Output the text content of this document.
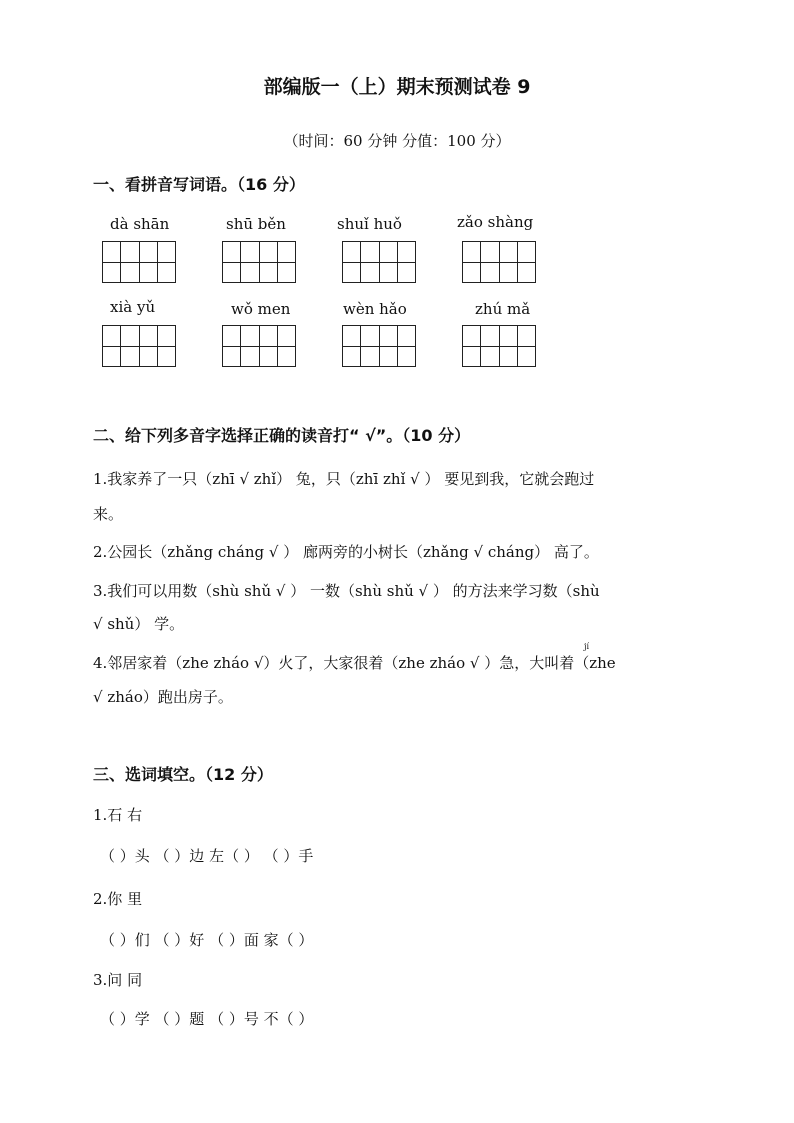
部编版一（上）期末预测试卷 9
（时间：60 分钟 分值：100 分）
一、看拼音写词语。（16 分）
dà shān	shū běn	shuǐ huǒ	zǎo shàng
xià yǔ	wǒ men	wèn hǎo	zhú mǎ
二、给下列多音字选择正确的读音打“ √”。（10 分）
1.我家养了一只（zhī √ zhǐ） 兔，只（zhī zhǐ √ ） 要见到我，它就会跑过
来。
2.公园长（zhǎng cháng √ ） 廊两旁的小树长（zhǎng √ cháng） 高了。
3.我们可以用数（shù shǔ √ ） 一数（shù shǔ √ ） 的方法来学习数（shù
√ shǔ） 学。
jí
4.邻居家着（zhe zháo √）火了，大家很着（zhe zháo √ ）急，大叫着（zhe
√ zháo）跑出房子。
三、选词填空。（12 分）
1.石 右
（ ）头 （ ）边 左（ ） （ ）手
2.你 里
（ ）们 （ ）好 （ ）面 家（ ）
3.问 同
（ ）学 （ ）题 （ ）号 不（ ）
